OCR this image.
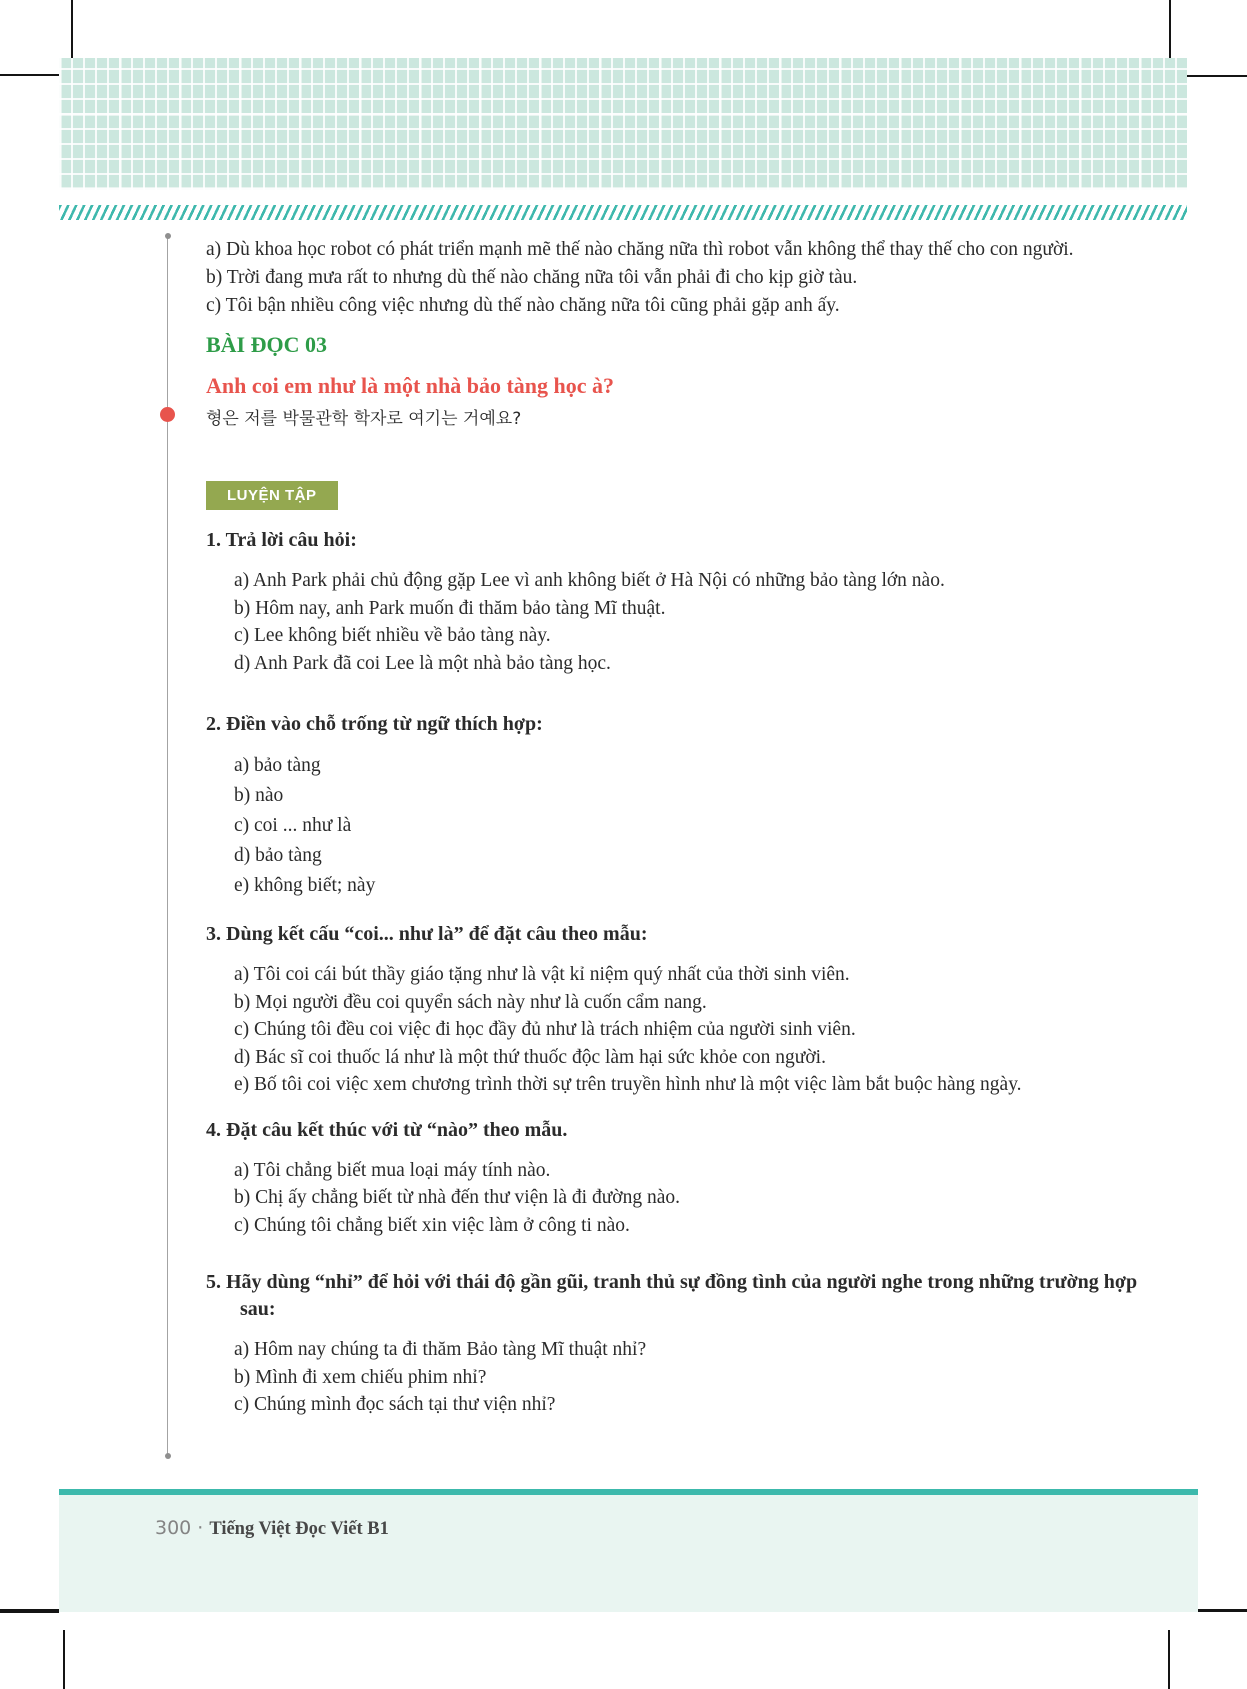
a) Dù khoa học robot có phát triển mạnh mẽ thế nào chăng nữa thì robot vẫn không thể thay thế cho con người.
b) Trời đang mưa rất to nhưng dù thế nào chăng nữa tôi vẫn phải đi cho kịp giờ tàu.
c) Tôi bận nhiều công việc nhưng dù thế nào chăng nữa tôi cũng phải gặp anh ấy.
BÀI ĐỌC 03
Anh coi em như là một nhà bảo tàng học à?
형은 저를 박물관학 학자로 여기는 거예요?
LUYỆN TẬP
1. Trả lời câu hỏi:
a) Anh Park phải chủ động gặp Lee vì anh không biết ở Hà Nội có những bảo tàng lớn nào.
b) Hôm nay, anh Park muốn đi thăm bảo tàng Mĩ thuật.
c) Lee không biết nhiều về bảo tàng này.
d) Anh Park đã coi Lee là một nhà bảo tàng học.
2. Điền vào chỗ trống từ ngữ thích hợp:
a) bảo tàng
b) nào
c) coi ... như là
d) bảo tàng
e) không biết; này
3. Dùng kết cấu “coi... như là” để đặt câu theo mẫu:
a) Tôi coi cái bút thầy giáo tặng như là vật kỉ niệm quý nhất của thời sinh viên.
b) Mọi người đều coi quyển sách này như là cuốn cẩm nang.
c) Chúng tôi đều coi việc đi học đầy đủ như là trách nhiệm của người sinh viên.
d) Bác sĩ coi thuốc lá như là một thứ thuốc độc làm hại sức khỏe con người.
e) Bố tôi coi việc xem chương trình thời sự trên truyền hình như là một việc làm bắt buộc hàng ngày.
4. Đặt câu kết thúc với từ “nào” theo mẫu.
a) Tôi chẳng biết mua loại máy tính nào.
b) Chị ấy chẳng biết từ nhà đến thư viện là đi đường nào.
c) Chúng tôi chẳng biết xin việc làm ở công ti nào.
5. Hãy dùng “nhỉ” để hỏi với thái độ gần gũi, tranh thủ sự đồng tình của người nghe trong những trường hợp sau:
a) Hôm nay chúng ta đi thăm Bảo tàng Mĩ thuật nhỉ?
b) Mình đi xem chiếu phim nhỉ?
c) Chúng mình đọc sách tại thư viện nhỉ?
300 · Tiếng Việt Đọc Viết B1
